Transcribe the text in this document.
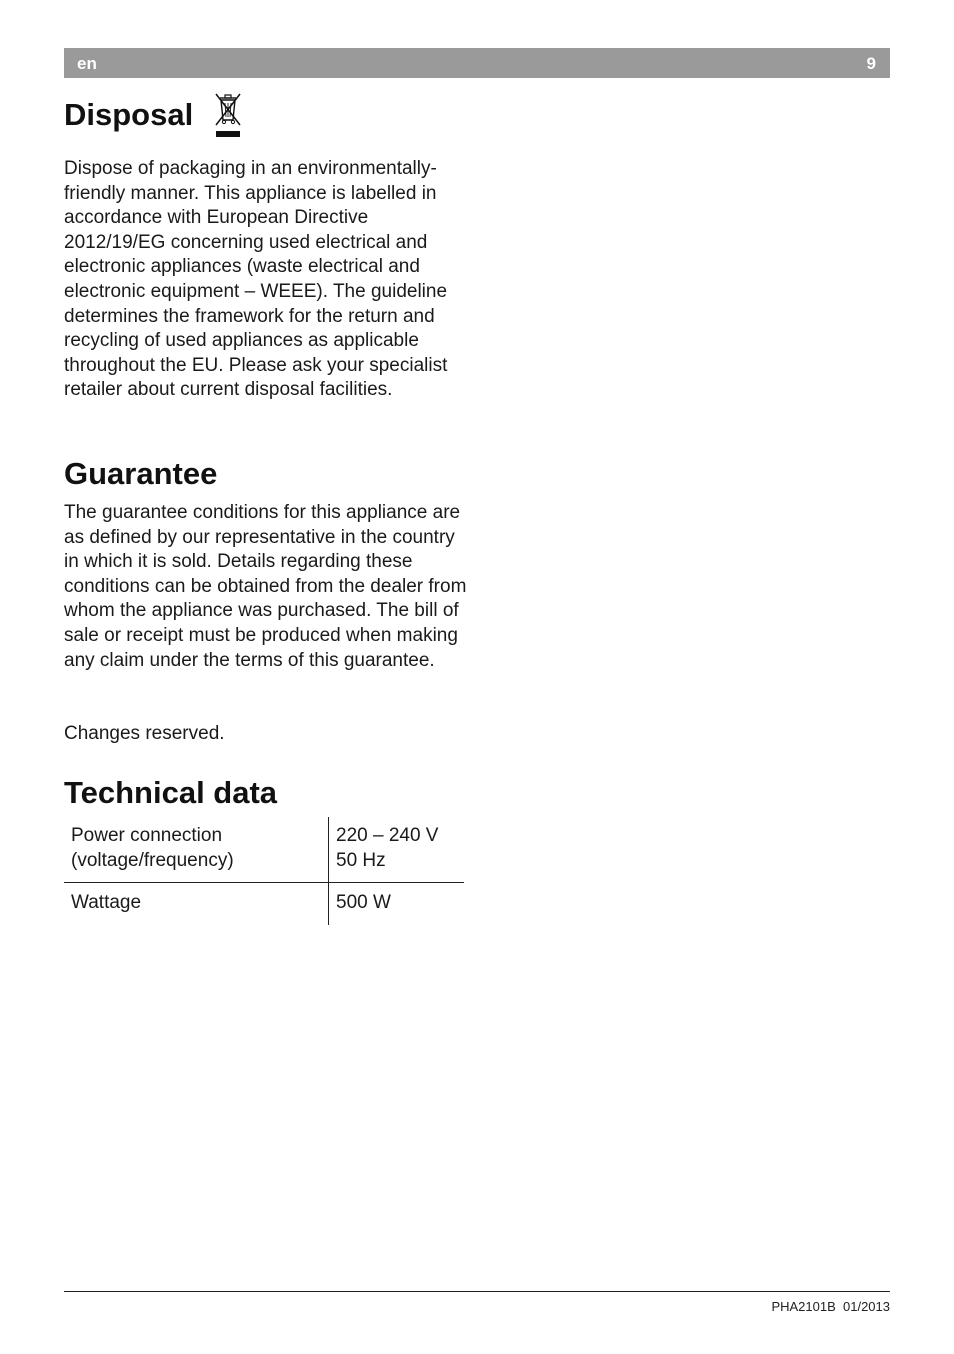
en	9
Disposal

Dispose of packaging in an environmentally-friendly manner. This appliance is labelled in accordance with European Directive 2012/19/EG concerning used electrical and electronic appliances (waste electrical and electronic equipment – WEEE). The guideline determines the framework for the return and recycling of used appliances as applicable throughout the EU. Please ask your specialist retailer about current disposal facilities.

Guarantee

The guarantee conditions for this appliance are as defined by our representative in the country in which it is sold. Details regarding these conditions can be obtained from the dealer from whom the appliance was purchased. The bill of sale or receipt must be produced when making any claim under the terms of this guarantee.

Changes reserved.

Technical data
Power connection
(voltage/frequency)	220 – 240 V
50 Hz

Wattage	500 W
PHA2101B 01/2013
